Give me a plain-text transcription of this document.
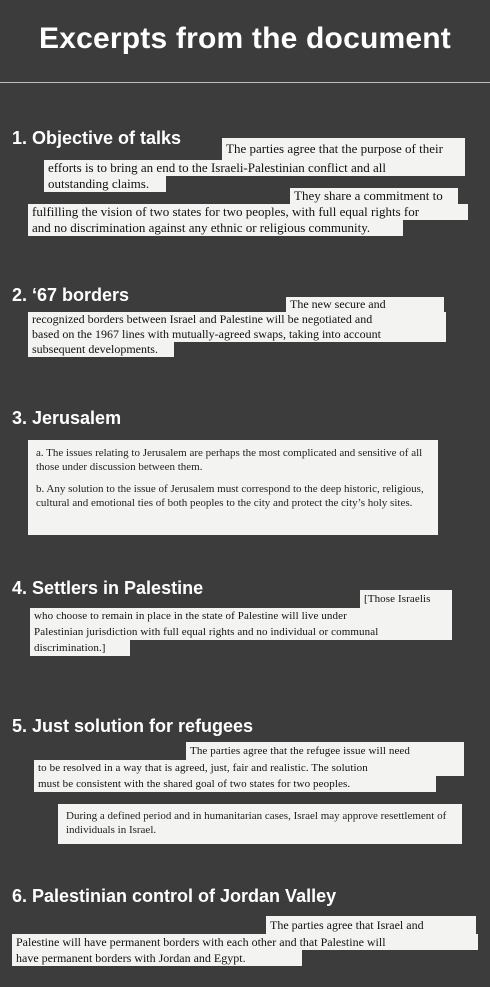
Excerpts from the document
1. Objective of talks
The parties agree that the purpose of their
efforts is to bring an end to the Israeli-Palestinian conflict and all
outstanding claims.
They share a commitment to
fulfilling the vision of two states for two peoples, with full equal rights for
and no discrimination against any ethnic or religious community.
2. ‘67 borders	The new secure and
recognized borders between Israel and Palestine will be negotiated and
based on the 1967 lines with mutually-agreed swaps, taking into account
subsequent developments.
3. Jerusalem

a. The issues relating to Jerusalem are perhaps the most complicated and sensitive of all those under discussion between them.

b. Any solution to the issue of Jerusalem must correspond to the deep historic, religious, cultural and emotional ties of both peoples to the city and protect the city’s holy sites.

4. Settlers in Palestine
[Those Israelis
who choose to remain in place in the state of Palestine will live under
Palestinian jurisdiction with full equal rights and no individual or communal
discrimination.]
5. Just solution for refugees
The parties agree that the refugee issue will need
to be resolved in a way that is agreed, just, fair and realistic. The solution
must be consistent with the shared goal of two states for two peoples.

During a defined period and in humanitarian cases, Israel may approve resettlement of individuals in Israel.

6. Palestinian control of Jordan Valley
The parties agree that Israel and
Palestine will have permanent borders with each other and that Palestine will
have permanent borders with Jordan and Egypt.
